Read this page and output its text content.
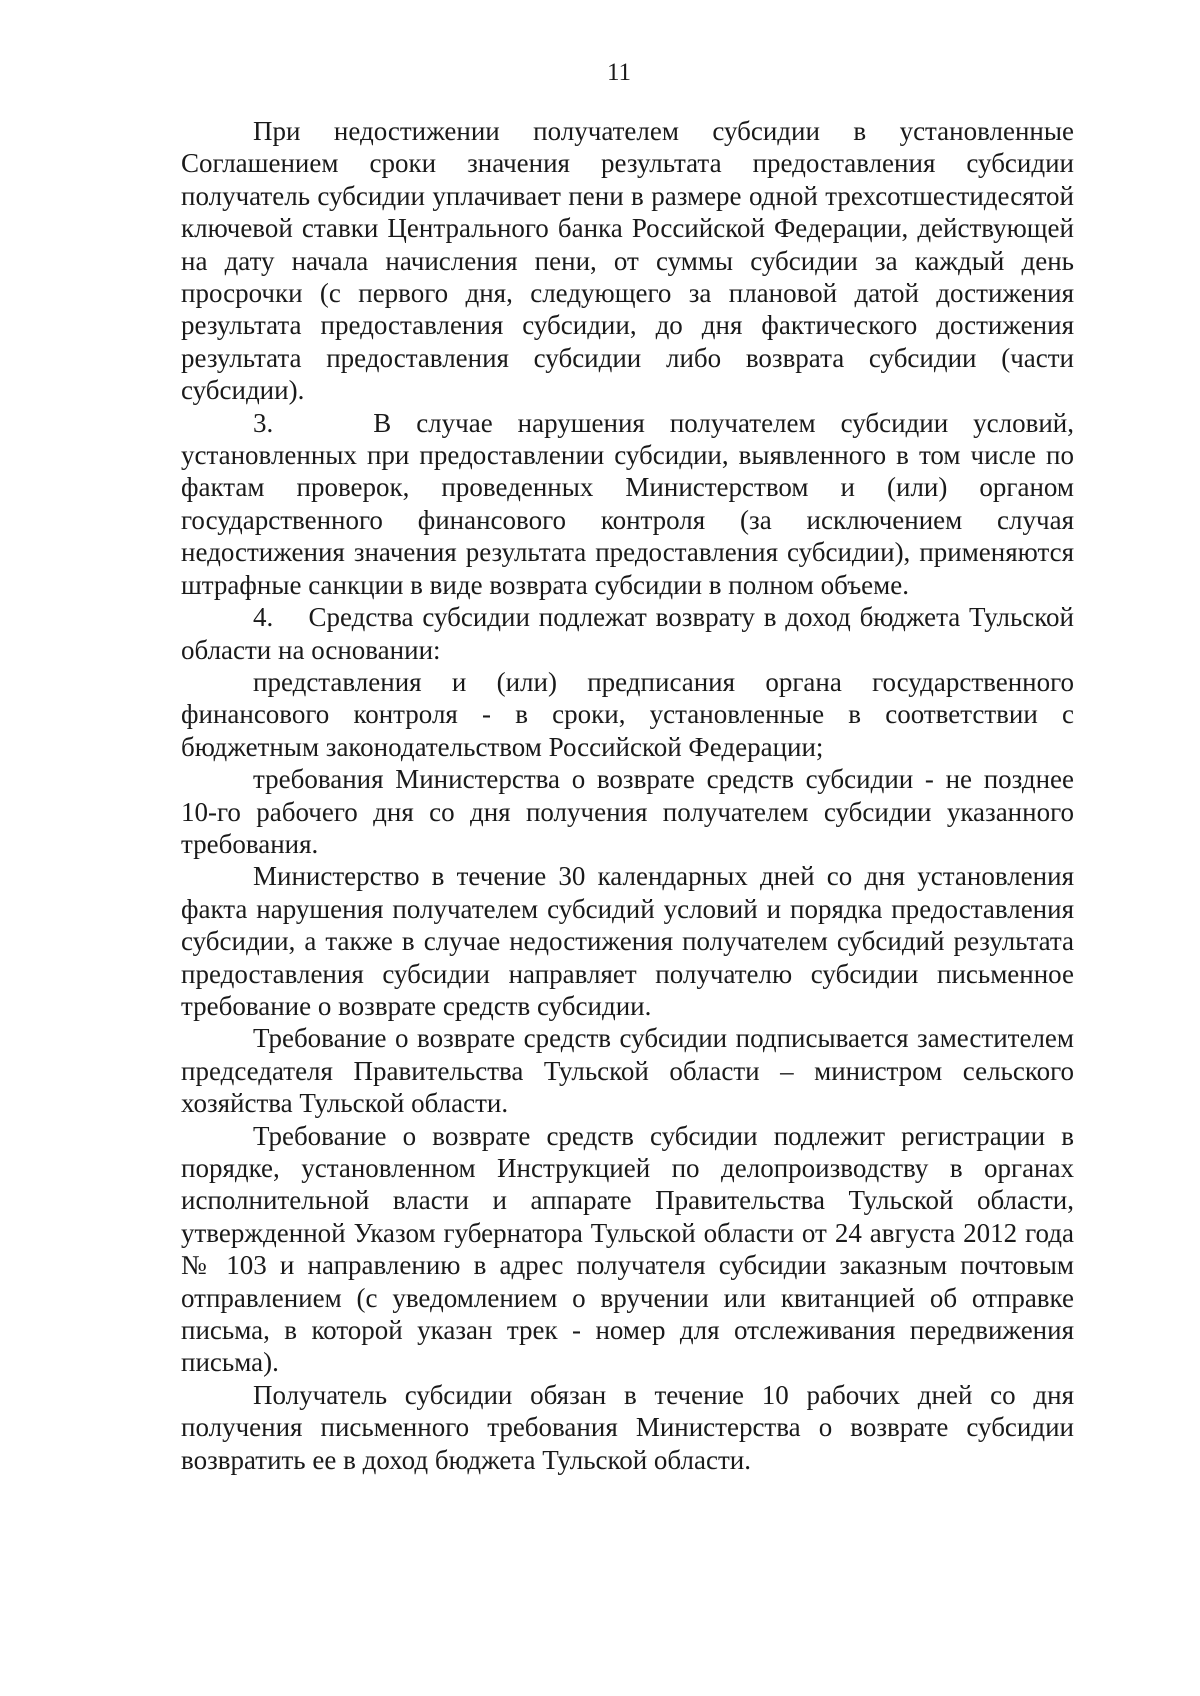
11

При недостижении получателем субсидии в установленные Соглашением сроки значения результата предоставления субсидии получатель субсидии уплачивает пени в размере одной трехсотшестидесятой ключевой ставки Центрального банка Российской Федерации, действующей на дату начала начисления пени, от суммы субсидии за каждый день просрочки (с первого дня, следующего за плановой датой достижения результата предоставления субсидии, до дня фактического достижения результата предоставления субсидии либо возврата субсидии (части субсидии).

3.    В случае нарушения получателем субсидии условий, установленных при предоставлении субсидии, выявленного в том числе по фактам проверок, проведенных Министерством и (или) органом государственного финансового контроля (за исключением случая недостижения значения результата предоставления субсидии), применяются штрафные санкции в виде возврата субсидии в полном объеме.

4.    Средства субсидии подлежат возврату в доход бюджета Тульской области на основании:

представления и (или) предписания органа государственного финансового контроля - в сроки, установленные в соответствии с бюджетным законодательством Российской Федерации;

требования Министерства о возврате средств субсидии - не позднее 10-го рабочего дня со дня получения получателем субсидии указанного требования.

Министерство в течение 30 календарных дней со дня установления факта нарушения получателем субсидий условий и порядка предоставления субсидии, а также в случае недостижения получателем субсидий результата предоставления субсидии направляет получателю субсидии письменное требование о возврате средств субсидии.

Требование о возврате средств субсидии подписывается заместителем председателя Правительства Тульской области – министром сельского хозяйства Тульской области.

Требование о возврате средств субсидии подлежит регистрации в порядке, установленном Инструкцией по делопроизводству в органах исполнительной власти и аппарате Правительства Тульской области, утвержденной Указом губернатора Тульской области от 24 августа 2012 года № 103 и направлению в адрес получателя субсидии заказным почтовым отправлением (с уведомлением о вручении или квитанцией об отправке письма, в которой указан трек - номер для отслеживания передвижения письма).

Получатель субсидии обязан в течение 10 рабочих дней со дня получения письменного требования Министерства о возврате субсидии возвратить ее в доход бюджета Тульской области.
